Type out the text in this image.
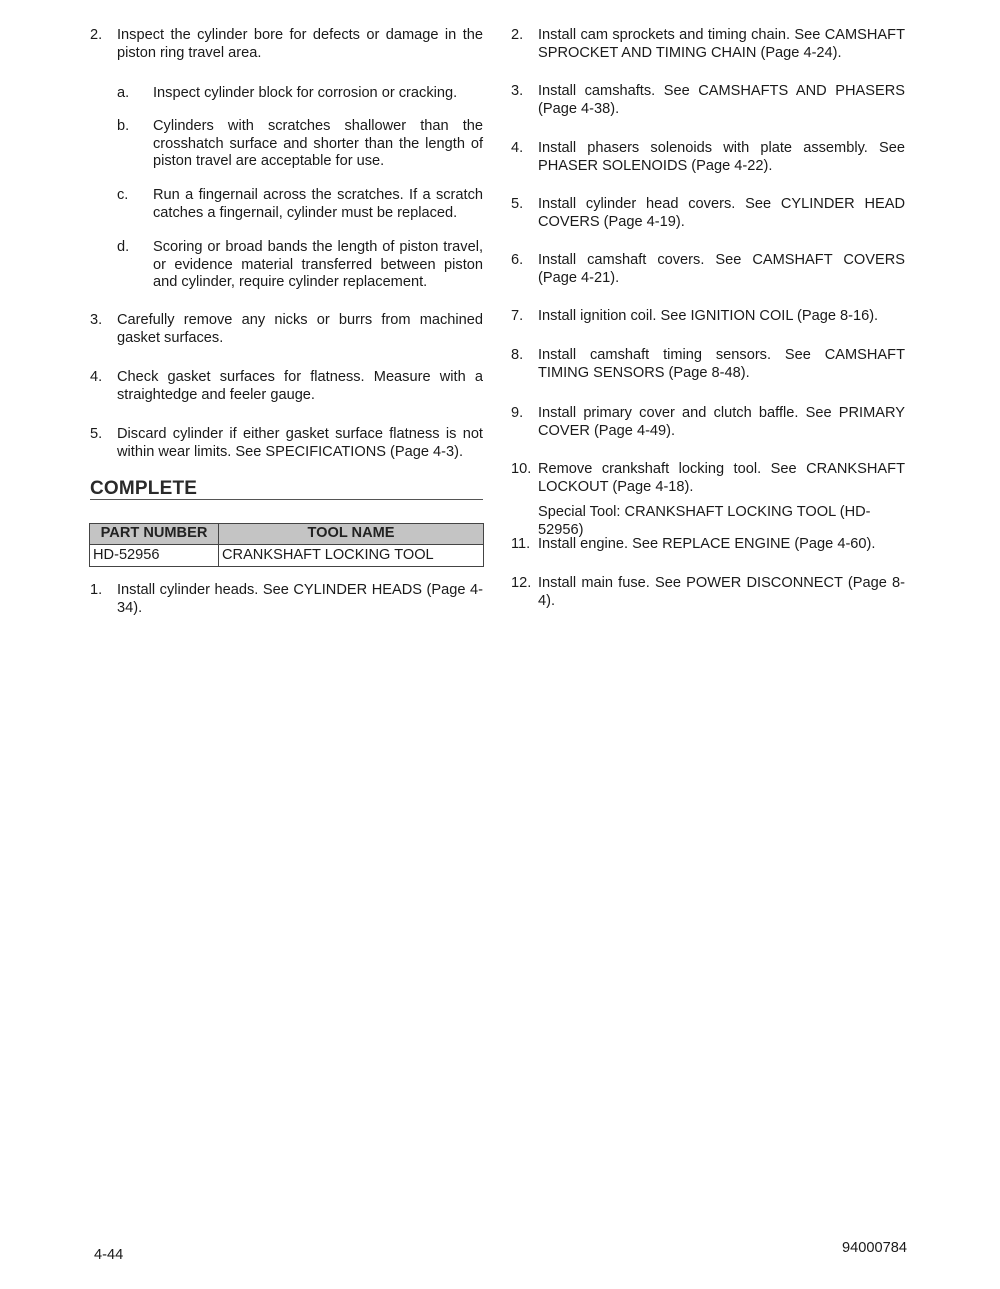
2.	Inspect the cylinder bore for defects or damage in the piston ring travel area.
a.	Inspect cylinder block for corrosion or cracking.
b.	Cylinders with scratches shallower than the crosshatch surface and shorter than the length of piston travel are acceptable for use.
c.	Run a fingernail across the scratches. If a scratch catches a fingernail, cylinder must be replaced.
d.	Scoring or broad bands the length of piston travel, or evidence material transferred between piston and cylinder, require cylinder replacement.
3.	Carefully remove any nicks or burrs from machined gasket surfaces.
4.	Check gasket surfaces for flatness. Measure with a straightedge and feeler gauge.
5.	Discard cylinder if either gasket surface flatness is not within wear limits. See SPECIFICATIONS (Page 4-3).
COMPLETE
PART NUMBER	TOOL NAME
HD-52956	CRANKSHAFT LOCKING TOOL
1.	Install cylinder heads. See CYLINDER HEADS (Page 4-34).
2.	Install cam sprockets and timing chain. See CAMSHAFT SPROCKET AND TIMING CHAIN (Page 4-24).
3.	Install camshafts. See CAMSHAFTS AND PHASERS (Page 4-38).
4.	Install phasers solenoids with plate assembly. See PHASER SOLENOIDS (Page 4-22).
5.	Install cylinder head covers. See CYLINDER HEAD COVERS (Page 4-19).
6.	Install camshaft covers. See CAMSHAFT COVERS (Page 4-21).
7.	Install ignition coil. See IGNITION COIL (Page 8-16).
8.	Install camshaft timing sensors. See CAMSHAFT TIMING SENSORS (Page 8-48).
9.	Install primary cover and clutch baffle. See PRIMARY COVER (Page 4-49).
10. Remove crankshaft locking tool. See CRANKSHAFT LOCKOUT (Page 4-18).
Special Tool: CRANKSHAFT LOCKING TOOL (HD-52956)
11. Install engine. See REPLACE ENGINE (Page 4-60).
12. Install main fuse. See POWER DISCONNECT (Page 8-4).
4-44	94000784
